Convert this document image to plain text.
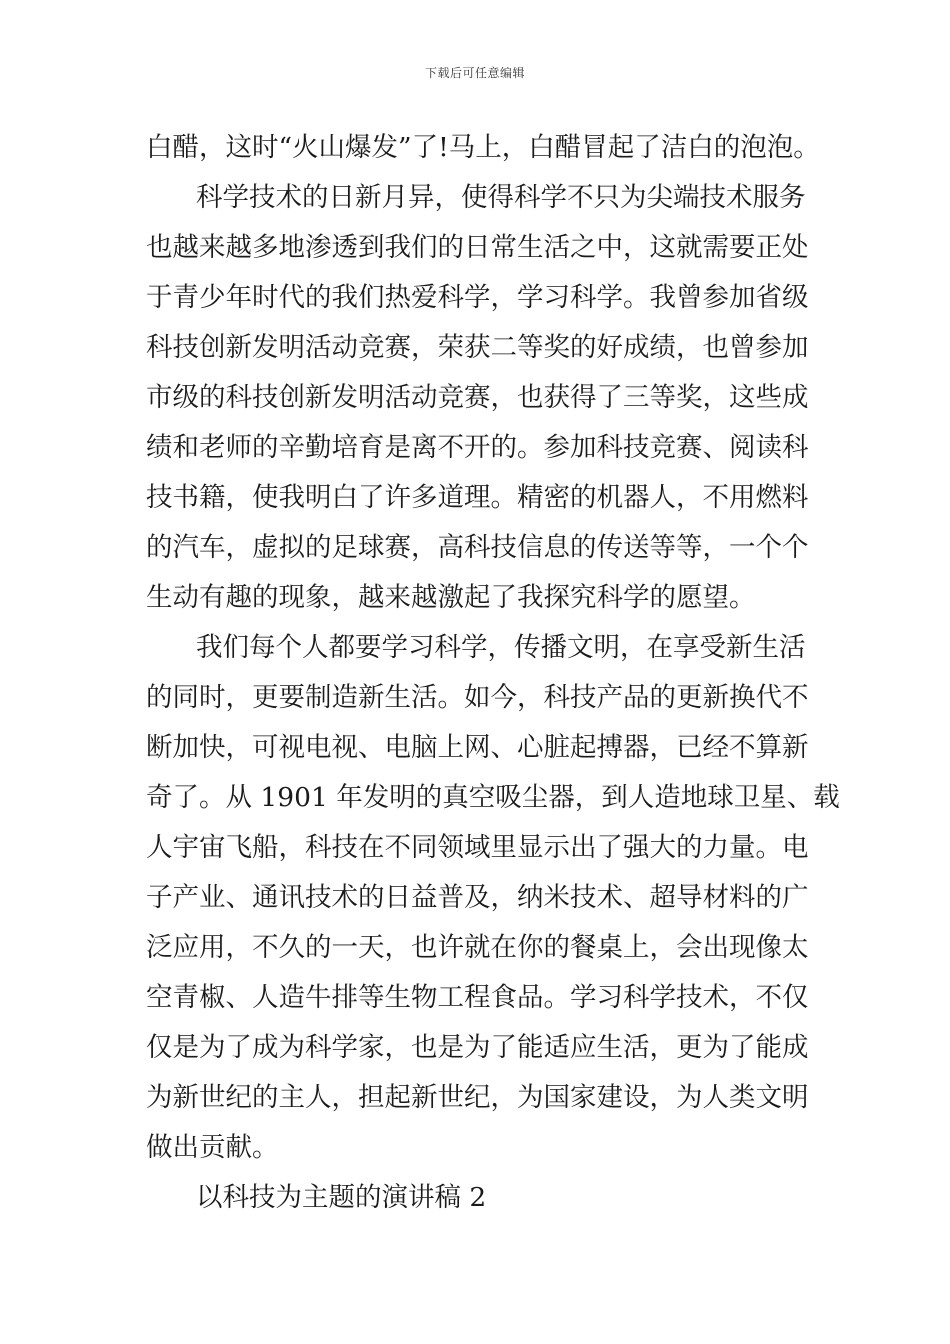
下载后可任意编辑
白醋，这时“火山爆发”了!马上，白醋冒起了洁白的泡泡。
科学技术的日新月异，使得科学不只为尖端技术服务
也越来越多地渗透到我们的日常生活之中，这就需要正处
于青少年时代的我们热爱科学，学习科学。我曾参加省级
科技创新发明活动竞赛，荣获二等奖的好成绩，也曾参加
市级的科技创新发明活动竞赛，也获得了三等奖，这些成
绩和老师的辛勤培育是离不开的。参加科技竞赛、阅读科
技书籍，使我明白了许多道理。精密的机器人，不用燃料
的汽车，虚拟的足球赛，高科技信息的传送等等，一个个
生动有趣的现象，越来越激起了我探究科学的愿望。
我们每个人都要学习科学，传播文明，在享受新生活
的同时，更要制造新生活。如今，科技产品的更新换代不
断加快，可视电视、电脑上网、心脏起搏器，已经不算新
奇了。从 1901 年发明的真空吸尘器，到人造地球卫星、载
人宇宙飞船，科技在不同领域里显示出了强大的力量。电
子产业、通讯技术的日益普及，纳米技术、超导材料的广
泛应用，不久的一天，也许就在你的餐桌上，会出现像太
空青椒、人造牛排等生物工程食品。学习科学技术，不仅
仅是为了成为科学家，也是为了能适应生活，更为了能成
为新世纪的主人，担起新世纪，为国家建设，为人类文明
做出贡献。
以科技为主题的演讲稿 2
